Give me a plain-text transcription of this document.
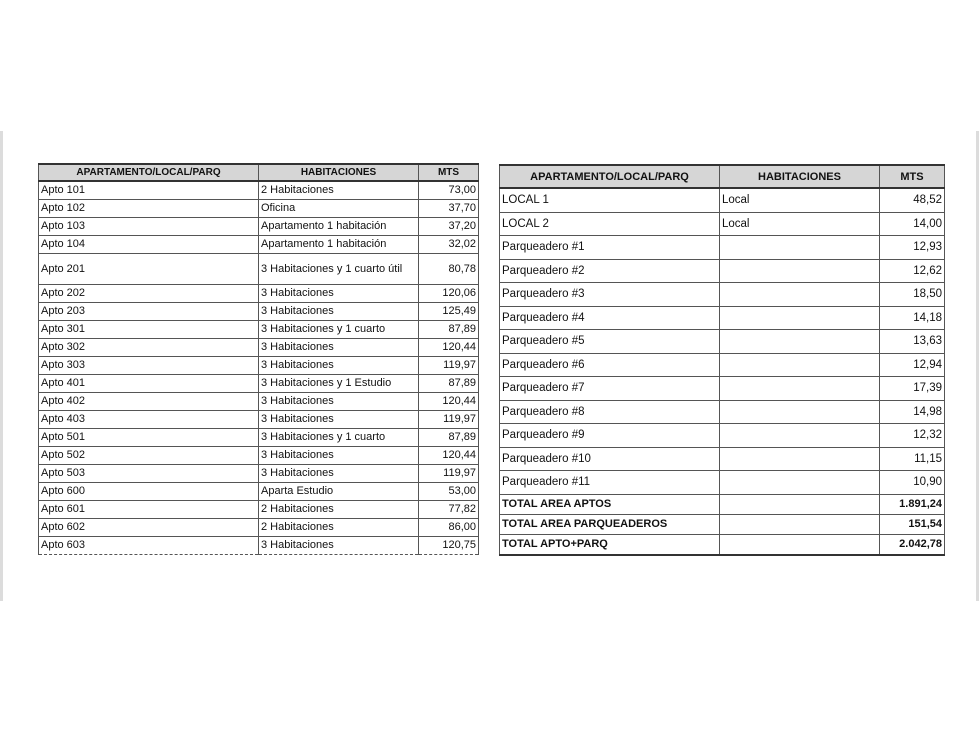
APARTAMENTO/LOCAL/PARQ	HABITACIONES	MTS
Apto 101	2 Habitaciones	73,00
Apto 102	Oficina	37,70
Apto 103	Apartamento 1 habitación	37,20
Apto 104	Apartamento 1 habitación	32,02
Apto 201	3 Habitaciones y 1 cuarto útil	80,78
Apto 202	3 Habitaciones	120,06
Apto 203	3 Habitaciones	125,49
Apto 301	3 Habitaciones y 1 cuarto	87,89
Apto 302	3 Habitaciones	120,44
Apto 303	3 Habitaciones	119,97
Apto 401	3 Habitaciones y 1 Estudio	87,89
Apto 402	3 Habitaciones	120,44
Apto 403	3 Habitaciones	119,97
Apto 501	3 Habitaciones y 1 cuarto	87,89
Apto 502	3 Habitaciones	120,44
Apto 503	3 Habitaciones	119,97
Apto 600	Aparta Estudio	53,00
Apto 601	2 Habitaciones	77,82
Apto 602	2 Habitaciones	86,00
Apto 603	3 Habitaciones	120,75
APARTAMENTO/LOCAL/PARQ	HABITACIONES	MTS
LOCAL 1	Local	48,52
LOCAL 2	Local	14,00
Parqueadero #1		12,93
Parqueadero #2		12,62
Parqueadero #3		18,50
Parqueadero #4		14,18
Parqueadero #5		13,63
Parqueadero #6		12,94
Parqueadero #7		17,39
Parqueadero #8		14,98
Parqueadero #9		12,32
Parqueadero #10		11,15
Parqueadero #11		10,90
TOTAL AREA APTOS		1.891,24
TOTAL AREA PARQUEADEROS		151,54
TOTAL APTO+PARQ		2.042,78
